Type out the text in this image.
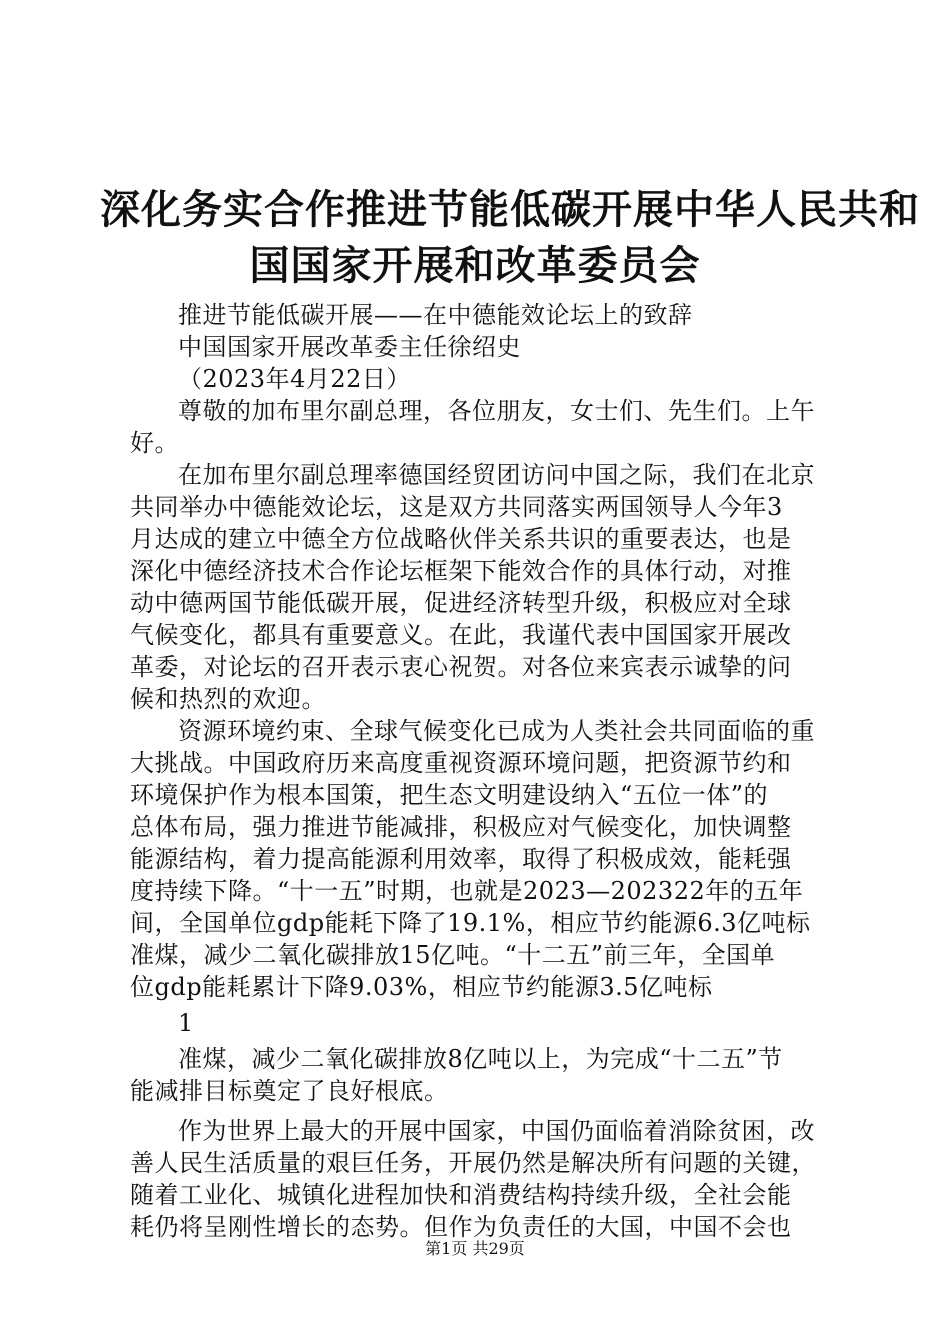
深化务实合作推进节能低碳开展中华人民共和
国国家开展和改革委员会
推进节能低碳开展——在中德能效论坛上的致辞
中国国家开展改革委主任徐绍史
（2023年4月22日）
尊敬的加布里尔副总理，各位朋友，女士们、先生们。上午
好。
在加布里尔副总理率德国经贸团访问中国之际，我们在北京
共同举办中德能效论坛，这是双方共同落实两国领导人今年3
月达成的建立中德全方位战略伙伴关系共识的重要表达，也是
深化中德经济技术合作论坛框架下能效合作的具体行动，对推
动中德两国节能低碳开展，促进经济转型升级，积极应对全球
气候变化，都具有重要意义。在此，我谨代表中国国家开展改
革委，对论坛的召开表示衷心祝贺。对各位来宾表示诚挚的问
候和热烈的欢迎。
资源环境约束、全球气候变化已成为人类社会共同面临的重
大挑战。中国政府历来高度重视资源环境问题，把资源节约和
环境保护作为根本国策，把生态文明建设纳入“五位一体”的
总体布局，强力推进节能减排，积极应对气候变化，加快调整
能源结构，着力提高能源利用效率，取得了积极成效，能耗强
度持续下降。“十一五”时期，也就是2023—202322年的五年
间，全国单位gdp能耗下降了19.1%，相应节约能源6.3亿吨标
准煤，减少二氧化碳排放15亿吨。“十二五”前三年，全国单
位gdp能耗累计下降9.03%，相应节约能源3.5亿吨标
1
准煤，减少二氧化碳排放8亿吨以上，为完成“十二五”节
能减排目标奠定了良好根底。
作为世界上最大的开展中国家，中国仍面临着消除贫困，改
善人民生活质量的艰巨任务，开展仍然是解决所有问题的关键，
随着工业化、城镇化进程加快和消费结构持续升级，全社会能
耗仍将呈刚性增长的态势。但作为负责任的大国，中国不会也
第1页 共29页
